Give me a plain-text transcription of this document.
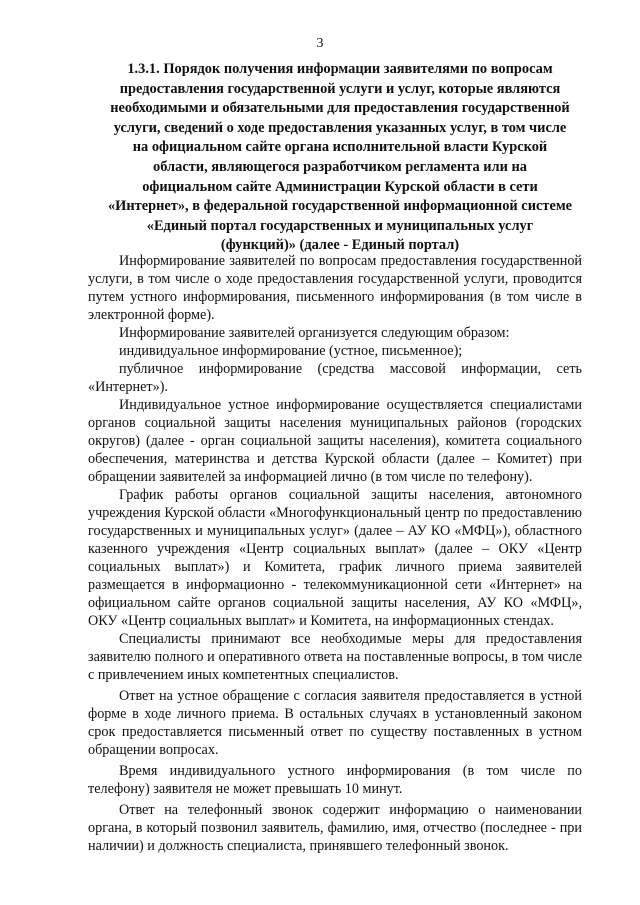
3
1.3.1. Порядок получения информации заявителями по вопросам
предоставления государственной услуги и услуг, которые являются
необходимыми и обязательными для предоставления государственной
услуги, сведений о ходе предоставления указанных услуг, в том числе
на официальном сайте органа исполнительной власти Курской
области, являющегося разработчиком регламента или на
официальном сайте Администрации Курской области в сети
«Интернет», в федеральной государственной информационной системе
«Единый портал государственных и муниципальных услуг
(функций)» (далее - Единый портал)

Информирование заявителей по вопросам предоставления государственной услуги, в том числе о ходе предоставления государственной услуги, проводится путем устного информирования, письменного информирования (в том числе в электронной форме).

Информирование заявителей организуется следующим образом:

индивидуальное информирование (устное, письменное);

публичное информирование (средства массовой информации, сеть «Интернет»).

Индивидуальное устное информирование осуществляется специалистами органов социальной защиты населения муниципальных районов (городских округов) (далее - орган социальной защиты населения), комитета социального обеспечения, материнства и детства Курской области (далее – Комитет) при обращении заявителей за информацией лично (в том числе по телефону).

График работы органов социальной защиты населения, автономного учреждения Курской области «Многофункциональный центр по предоставлению государственных и муниципальных услуг» (далее – АУ КО «МФЦ»), областного казенного учреждения «Центр социальных выплат» (далее – ОКУ «Центр социальных выплат») и Комитета, график личного приема заявителей размещается в информационно - телекоммуникационной сети «Интернет» на официальном сайте органов социальной защиты населения, АУ КО «МФЦ», ОКУ «Центр социальных выплат» и Комитета, на информационных стендах.

Специалисты принимают все необходимые меры для предоставления заявителю полного и оперативного ответа на поставленные вопросы, в том числе с привлечением иных компетентных специалистов.

Ответ на устное обращение с согласия заявителя предоставляется в устной форме в ходе личного приема. В остальных случаях в установленный законом срок предоставляется письменный ответ по существу поставленных в устном обращении вопросах.

Время индивидуального устного информирования (в том числе по телефону) заявителя не может превышать 10 минут.

Ответ на телефонный звонок содержит информацию о наименовании органа, в который позвонил заявитель, фамилию, имя, отчество (последнее - при наличии) и должность специалиста, принявшего телефонный звонок.
